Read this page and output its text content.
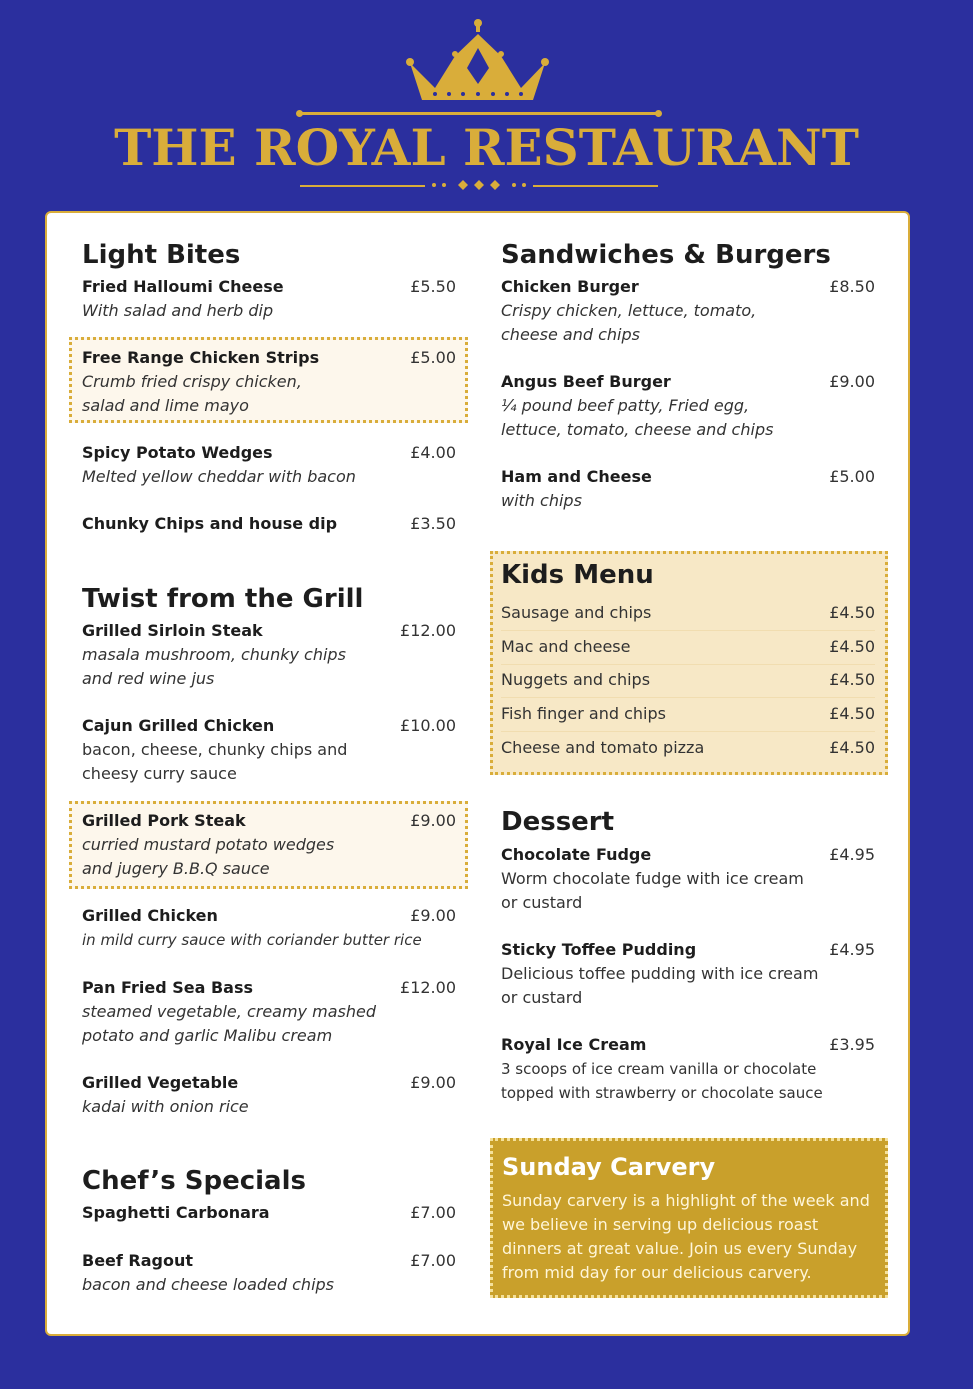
THE ROYAL RESTAURANT
Light Bites
Fried Halloumi Cheese	£5.50
With salad and herb dip
Free Range Chicken Strips	£5.00
Crumb fried crispy chicken,
salad and lime mayo
Spicy Potato Wedges	£4.00
Melted yellow cheddar with bacon
Chunky Chips and house dip	£3.50
Twist from the Grill
Grilled Sirloin Steak	£12.00
masala mushroom, chunky chips
and red wine jus
Cajun Grilled Chicken	£10.00
bacon, cheese, chunky chips and
cheesy curry sauce
Grilled Pork Steak	£9.00
curried mustard potato wedges
and jugery B.B.Q sauce
Grilled Chicken	£9.00
in mild curry sauce with coriander butter rice
Pan Fried Sea Bass	£12.00
steamed vegetable, creamy mashed
potato and garlic Malibu cream
Grilled Vegetable	£9.00
kadai with onion rice
Chef’s Specials
Spaghetti Carbonara	£7.00
Beef Ragout	£7.00
bacon and cheese loaded chips
Sandwiches & Burgers
Chicken Burger	£8.50
Crispy chicken, lettuce, tomato,
cheese and chips
Angus Beef Burger	£9.00
¼ pound beef patty, Fried egg,
lettuce, tomato, cheese and chips
Ham and Cheese	£5.00
with chips
Kids Menu
Sausage and chips	£4.50
Mac and cheese	£4.50
Nuggets and chips	£4.50
Fish finger and chips	£4.50
Cheese and tomato pizza	£4.50
Dessert
Chocolate Fudge	£4.95
Worm chocolate fudge with ice cream
or custard
Sticky Toffee Pudding	£4.95
Delicious toffee pudding with ice cream
or custard
Royal Ice Cream	£3.95
3 scoops of ice cream vanilla or chocolate
topped with strawberry or chocolate sauce
Sunday Carvery
Sunday carvery is a highlight of the week and we believe in serving up delicious roast dinners at great value. Join us every Sunday from mid day for our delicious carvery.
